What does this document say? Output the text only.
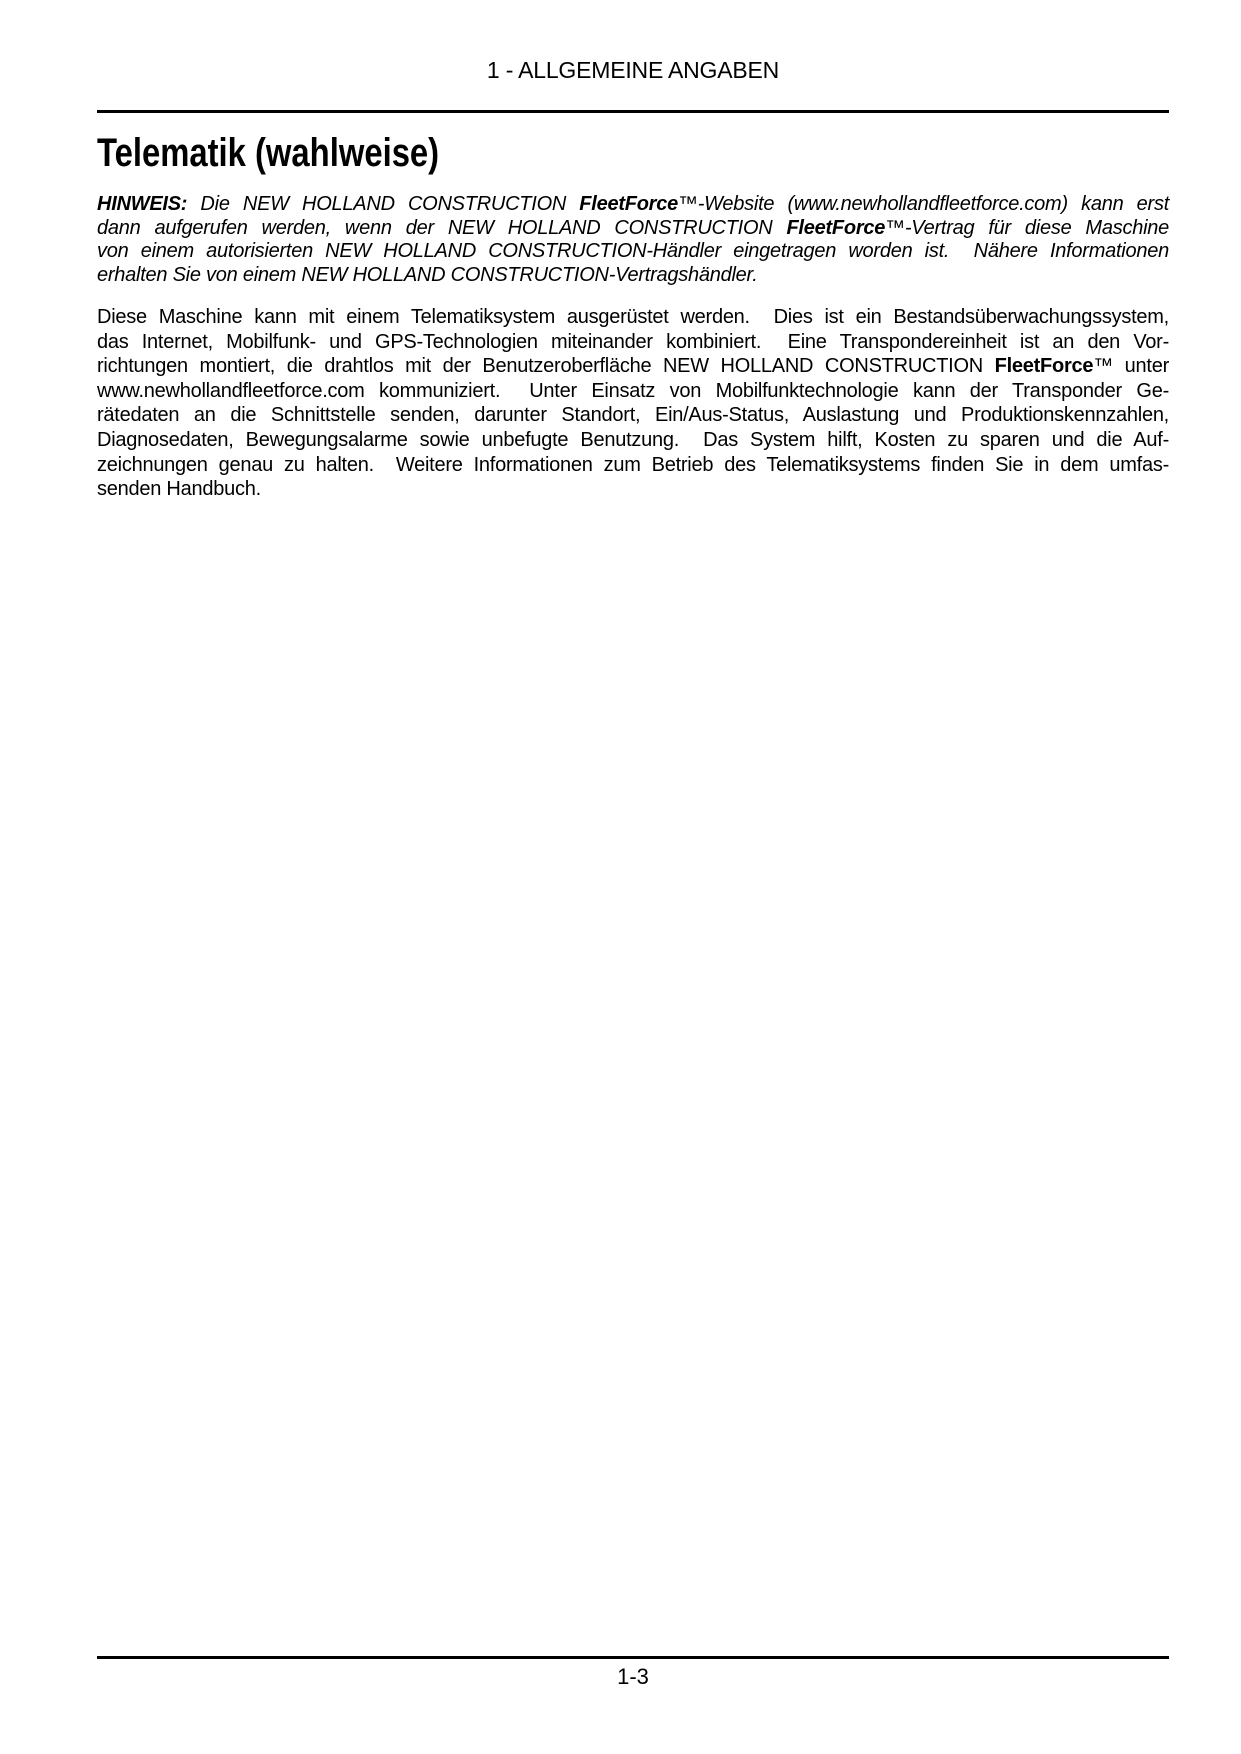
1 - ALLGEMEINE ANGABEN
Telematik (wahlweise)
HINWEIS: Die NEW HOLLAND CONSTRUCTION FleetForce™-Website (www.newhollandfleetforce.com) kann erst
dann aufgerufen werden, wenn der NEW HOLLAND CONSTRUCTION FleetForce™-Vertrag für diese Maschine
von einem autorisierten NEW HOLLAND CONSTRUCTION-Händler eingetragen worden ist.  Nähere Informationen
erhalten Sie von einem NEW HOLLAND CONSTRUCTION-Vertragshändler.
Diese Maschine kann mit einem Telematiksystem ausgerüstet werden.  Dies ist ein Bestandsüberwachungssystem,
das Internet, Mobilfunk- und GPS-Technologien miteinander kombiniert.  Eine Transpondereinheit ist an den Vor-
richtungen montiert, die drahtlos mit der Benutzeroberfläche NEW HOLLAND CONSTRUCTION FleetForce™ unter
www.newhollandfleetforce.com kommuniziert.  Unter Einsatz von Mobilfunktechnologie kann der Transponder Ge-
rätedaten an die Schnittstelle senden, darunter Standort, Ein/Aus-Status, Auslastung und Produktionskennzahlen,
Diagnosedaten, Bewegungsalarme sowie unbefugte Benutzung.  Das System hilft, Kosten zu sparen und die Auf-
zeichnungen genau zu halten.  Weitere Informationen zum Betrieb des Telematiksystems finden Sie in dem umfas-
senden Handbuch.
1-3
